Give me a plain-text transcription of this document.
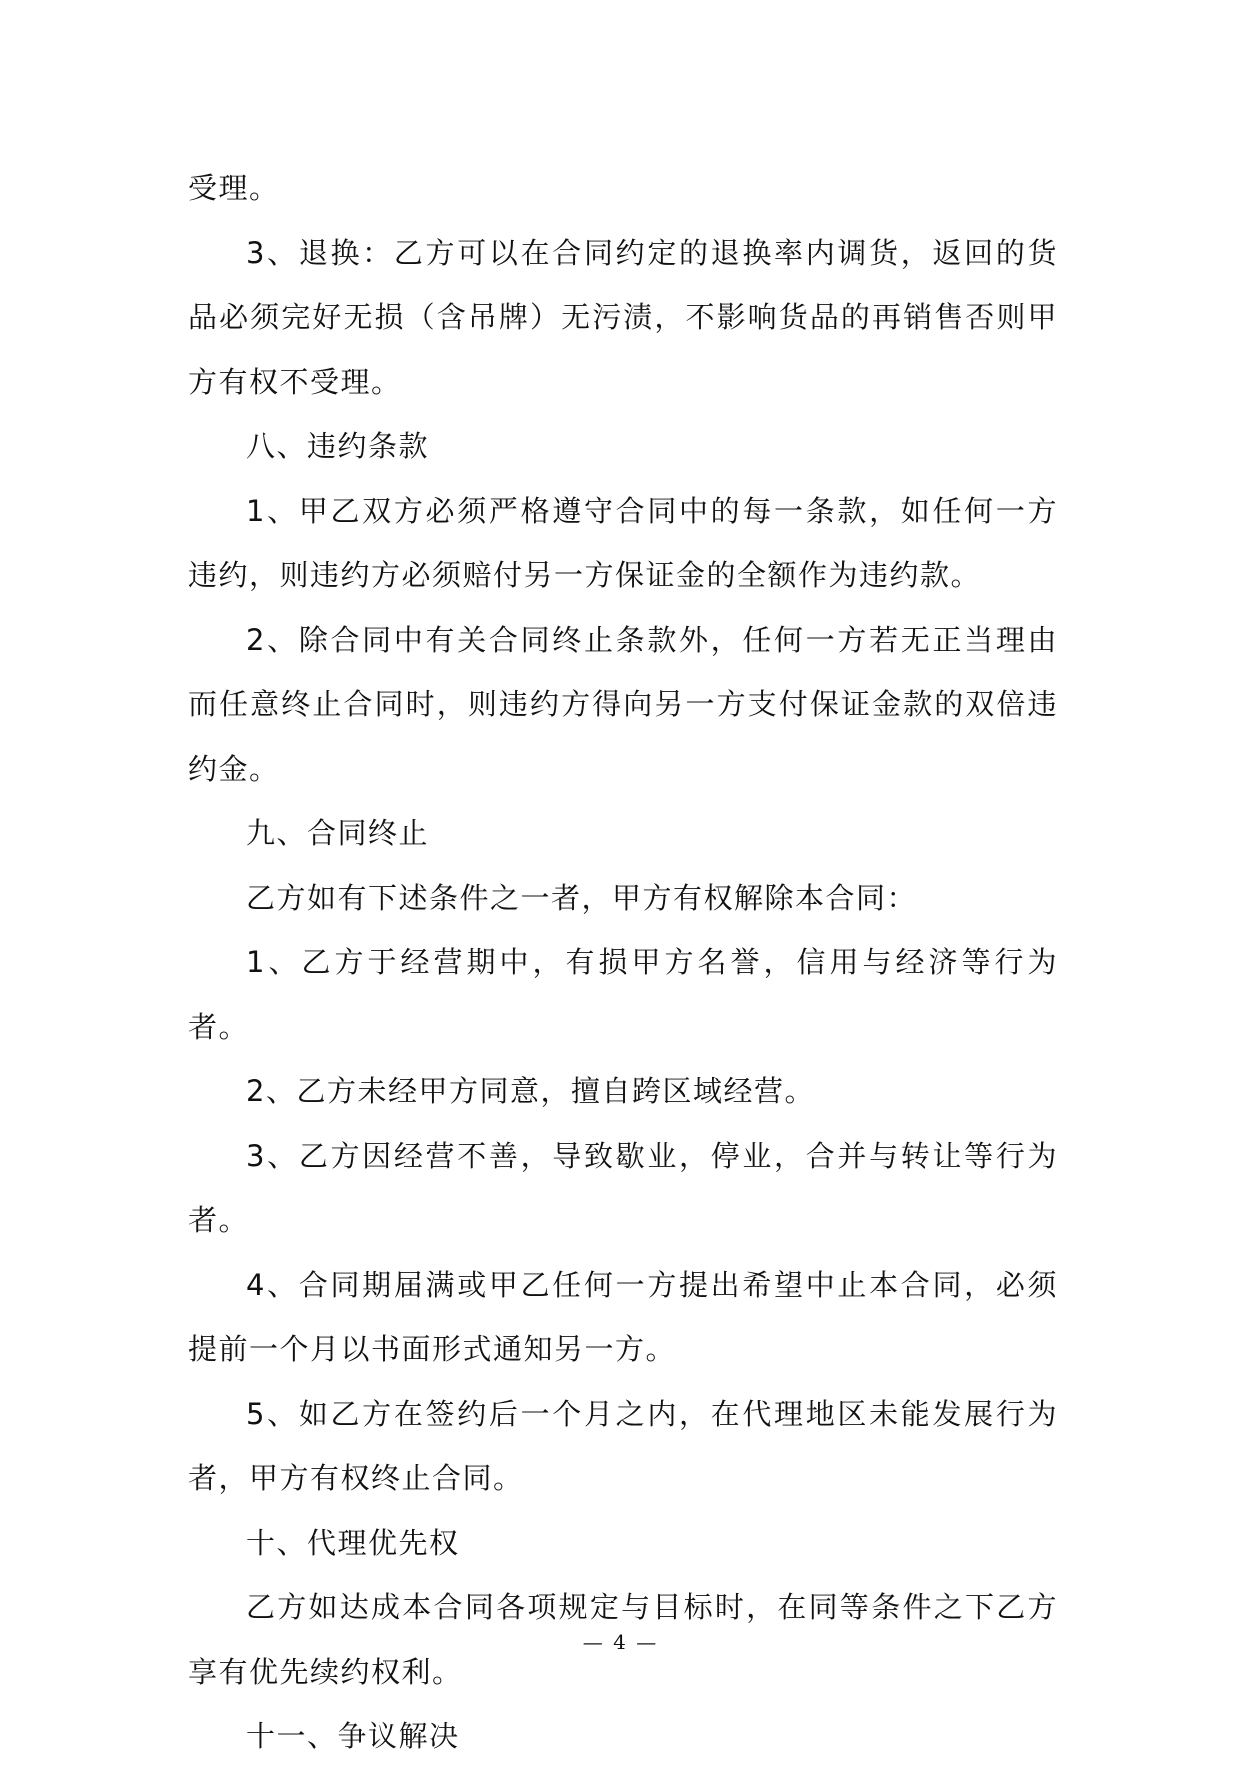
受理。

3、退换：乙方可以在合同约定的退换率内调货，返回的货品必须完好无损（含吊牌）无污渍，不影响货品的再销售否则甲方有权不受理。

八、违约条款

1、甲乙双方必须严格遵守合同中的每一条款，如任何一方违约，则违约方必须赔付另一方保证金的全额作为违约款。

2、除合同中有关合同终止条款外，任何一方若无正当理由而任意终止合同时，则违约方得向另一方支付保证金款的双倍违约金。

九、合同终止

乙方如有下述条件之一者，甲方有权解除本合同：

1、乙方于经营期中，有损甲方名誉，信用与经济等行为者。

2、乙方未经甲方同意，擅自跨区域经营。

3、乙方因经营不善，导致歇业，停业，合并与转让等行为者。

4、合同期届满或甲乙任何一方提出希望中止本合同，必须提前一个月以书面形式通知另一方。

5、如乙方在签约后一个月之内，在代理地区未能发展行为者，甲方有权终止合同。

十、代理优先权

乙方如达成本合同各项规定与目标时，在同等条件之下乙方享有优先续约权利。

十一、争议解决

— 4 —
